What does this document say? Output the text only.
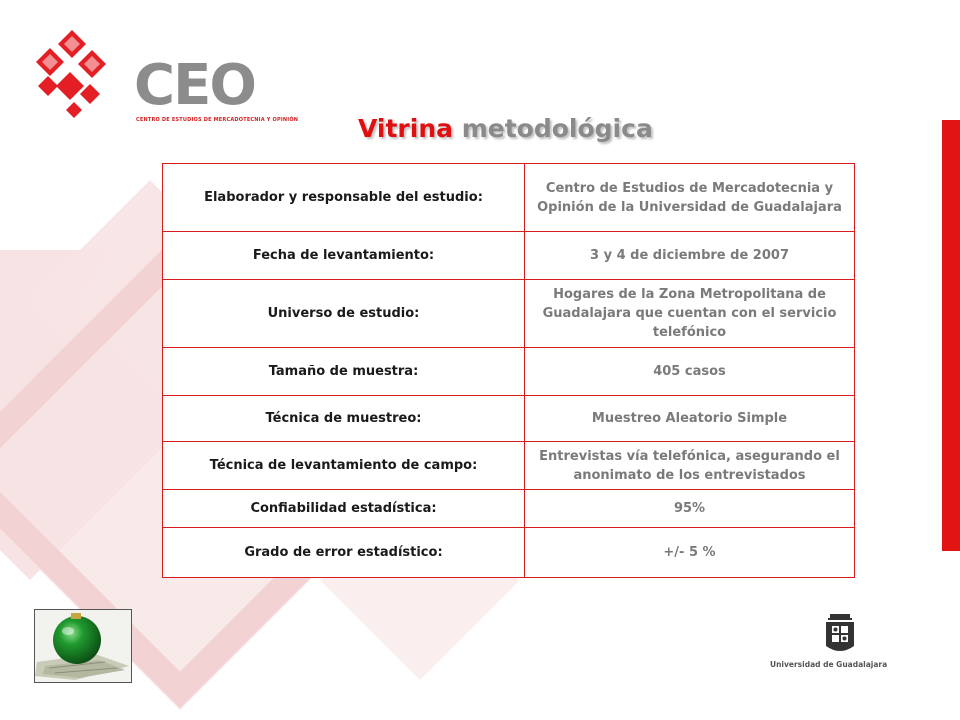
CEO
CENTRO DE ESTUDIOS DE MERCADOTECNIA Y OPINIÓN Vitrina metodológica
Elaborador y responsable del estudio:	Centro de Estudios de Mercadotecnia y Opinión de la Universidad de Guadalajara
Fecha de levantamiento:	3 y 4 de diciembre de 2007
Universo de estudio:	Hogares de la Zona Metropolitana de Guadalajara que cuentan con el servicio telefónico
Tamaño de muestra:	405 casos
Técnica de muestreo:	Muestreo Aleatorio Simple
Técnica de levantamiento de campo:	Entrevistas vía telefónica, asegurando el anonimato de los entrevistados
Confiabilidad estadística:	95%
Grado de error estadístico:	+/- 5 %
Universidad de Guadalajara
